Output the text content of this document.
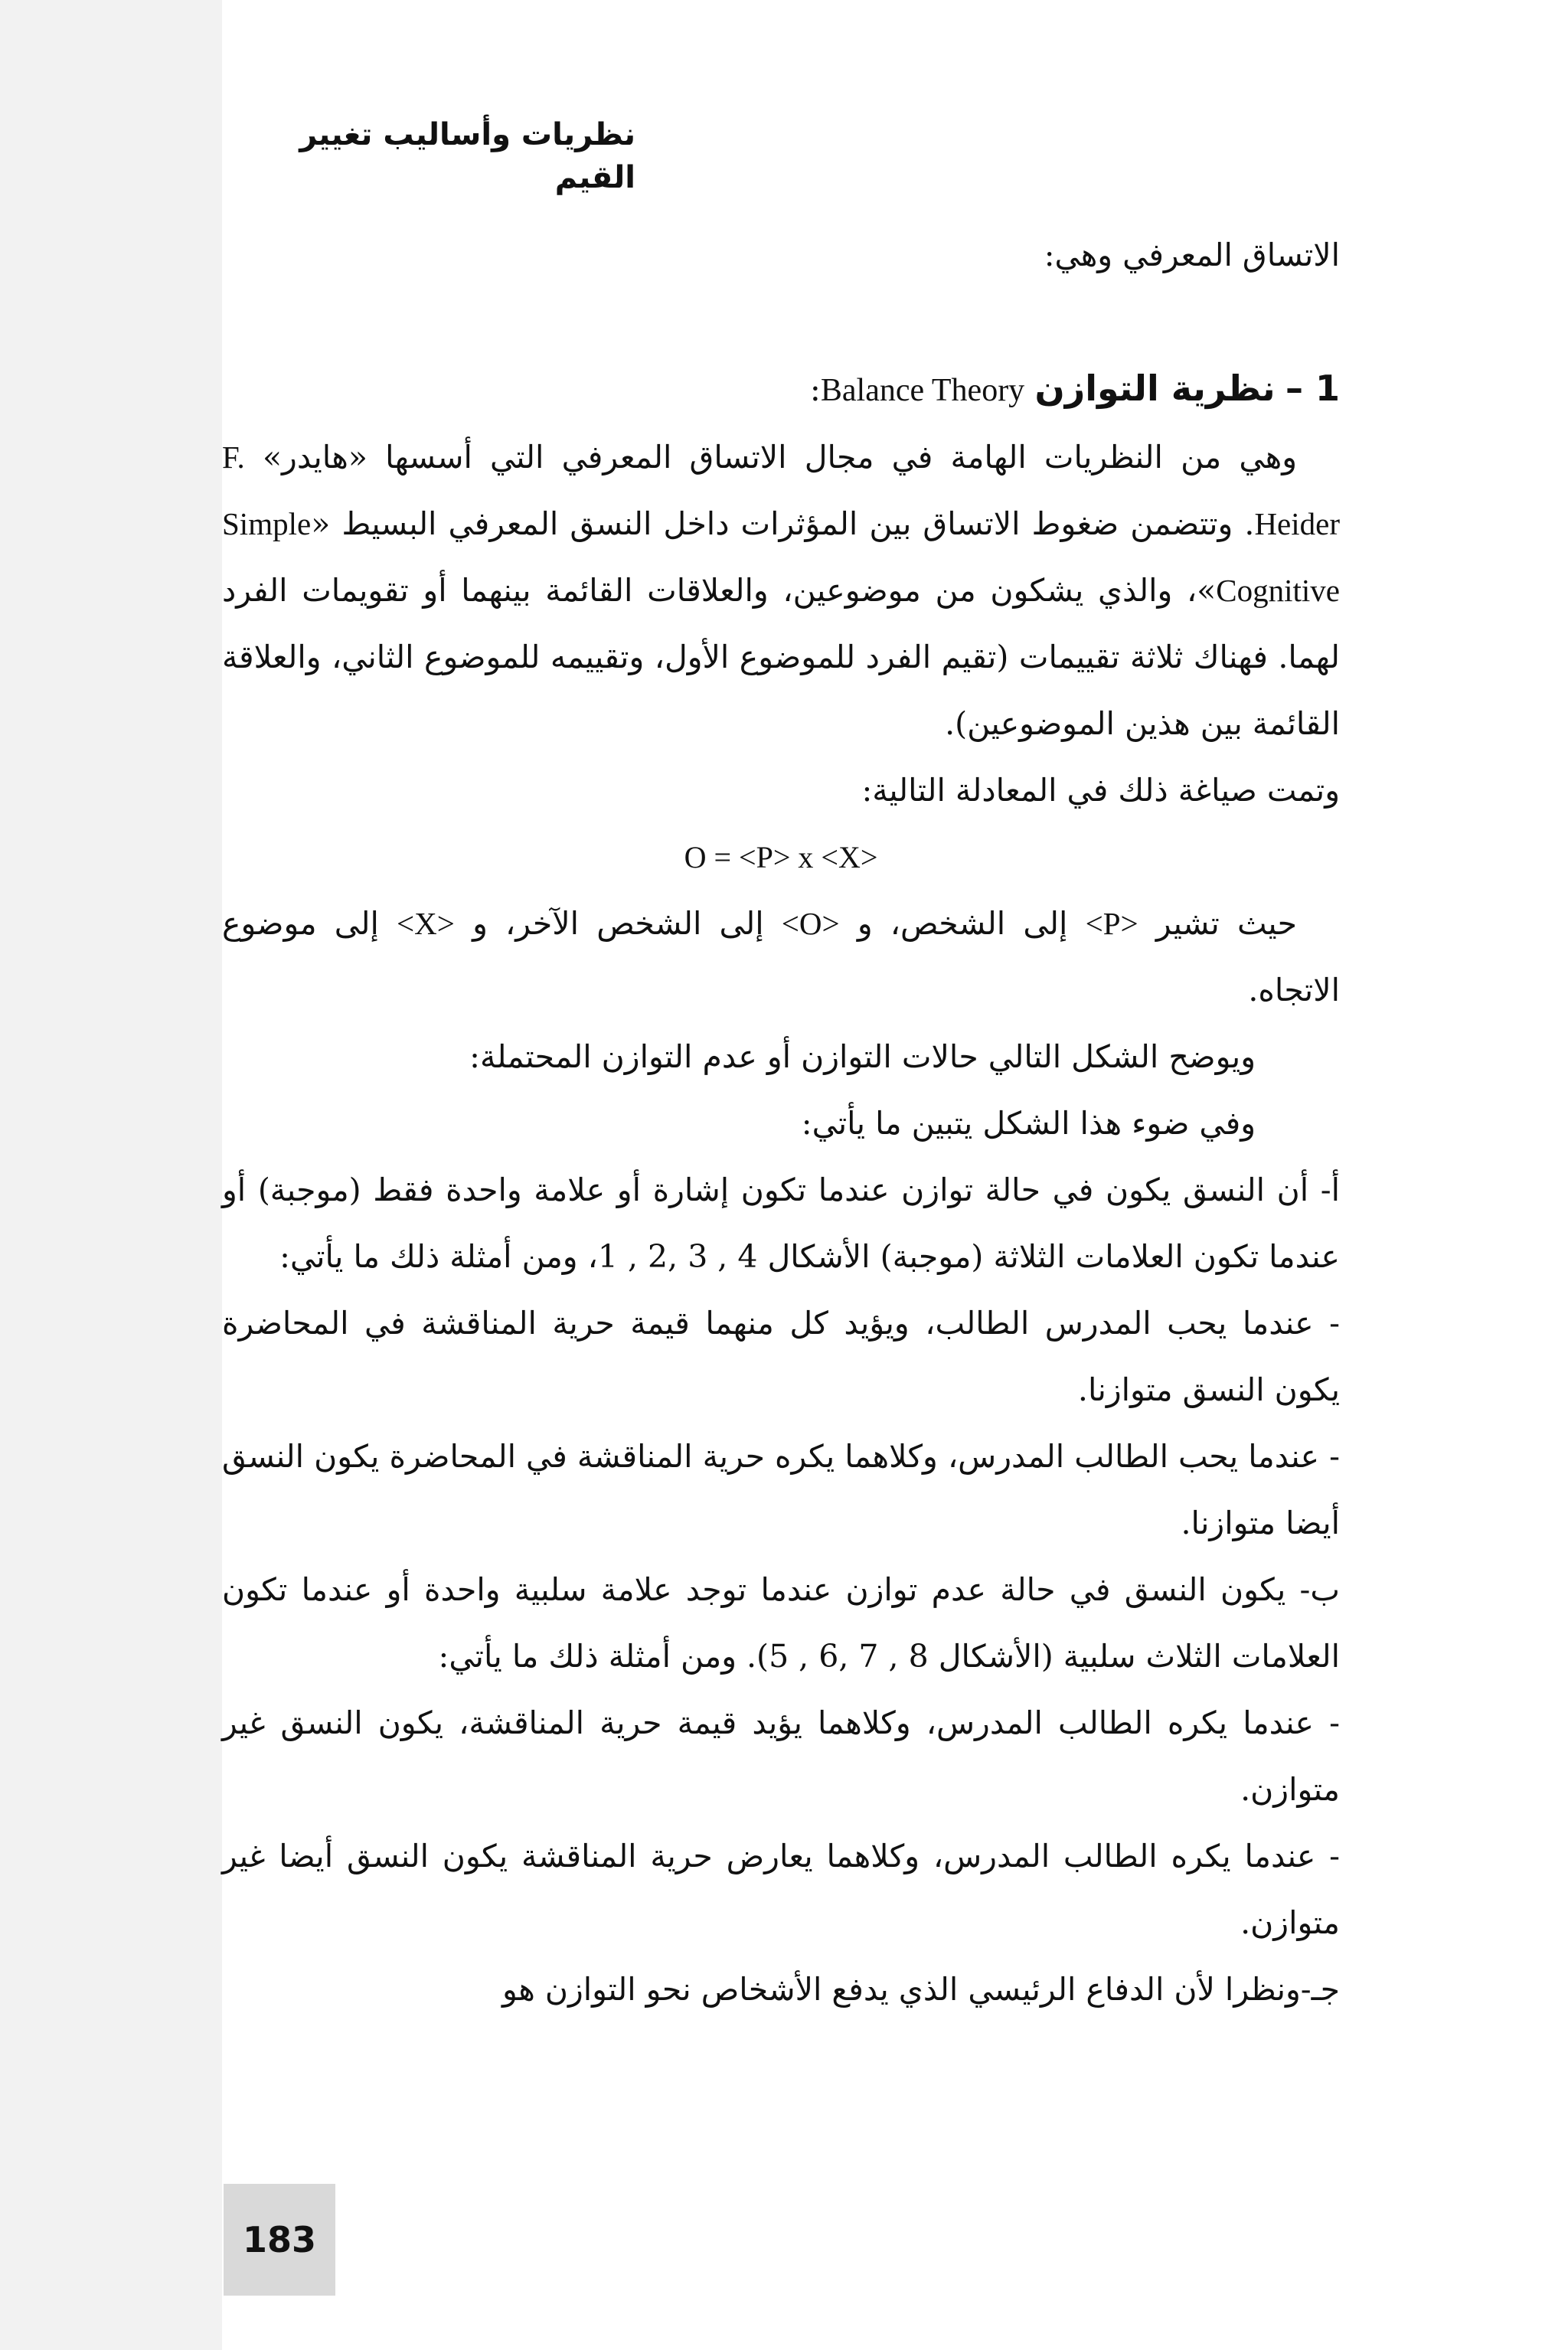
نظريات وأساليب تغيير القيم

الاتساق المعرفي وهي:

1 – نظرية التوازن Balance Theory:

وهي من النظريات الهامة في مجال الاتساق المعرفي التي أسسها «هايدر» F. Heider. وتتضمن ضغوط الاتساق بين المؤثرات داخل النسق المعرفي البسيط «Simple Cognitive»، والذي يشكون من موضوعين، والعلاقات القائمة بينهما أو تقويمات الفرد لهما. فهناك ثلاثة تقييمات (تقيم الفرد للموضوع الأول، وتقييمه للموضوع الثاني، والعلاقة القائمة بين هذين الموضوعين).

وتمت صياغة ذلك في المعادلة التالية:

O = <P> x <X>

حيث تشير <P> إلى الشخص، و <O> إلى الشخص الآخر، و <X> إلى موضوع الاتجاه.

ويوضح الشكل التالي حالات التوازن أو عدم التوازن المحتملة:

وفي ضوء هذا الشكل يتبين ما يأتي:

أ- أن النسق يكون في حالة توازن عندما تكون إشارة أو علامة واحدة فقط (موجبة) أو عندما تكون العلامات الثلاثة (موجبة) الأشكال 1 , 2, 3 , 4، ومن أمثلة ذلك ما يأتي:

- عندما يحب المدرس الطالب، ويؤيد كل منهما قيمة حرية المناقشة في المحاضرة يكون النسق متوازنا.

- عندما يحب الطالب المدرس، وكلاهما يكره حرية المناقشة في المحاضرة يكون النسق أيضا متوازنا.

ب- يكون النسق في حالة عدم توازن عندما توجد علامة سلبية واحدة أو عندما تكون العلامات الثلاث سلبية (الأشكال 5 , 6, 7 , 8). ومن أمثلة ذلك ما يأتي:

- عندما يكره الطالب المدرس، وكلاهما يؤيد قيمة حرية المناقشة، يكون النسق غير متوازن.

- عندما يكره الطالب المدرس، وكلاهما يعارض حرية المناقشة يكون النسق أيضا غير متوازن.

جـ-ونظرا لأن الدفاع الرئيسي الذي يدفع الأشخاص نحو التوازن هو

183
